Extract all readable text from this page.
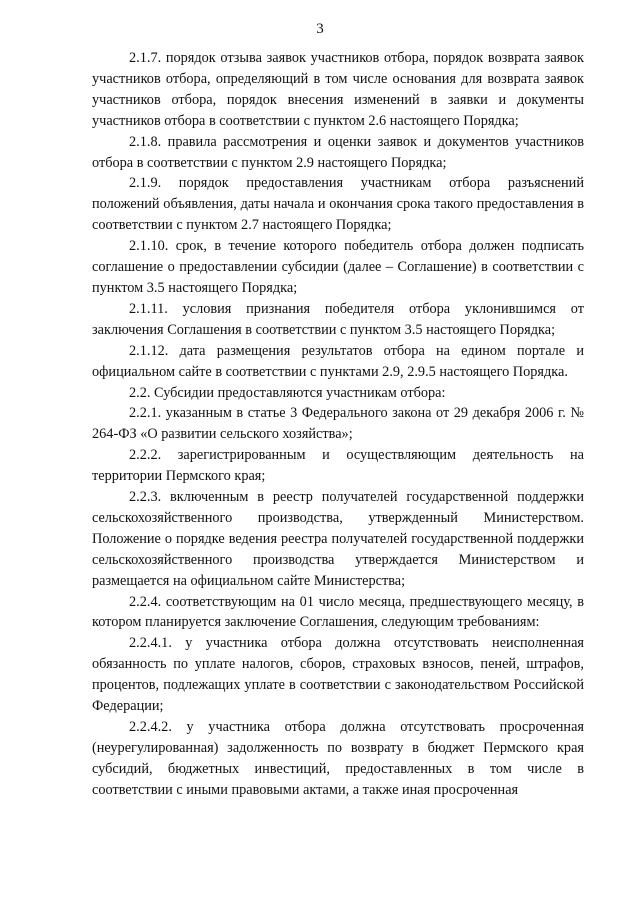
3

2.1.7. порядок отзыва заявок участников отбора, порядок возврата заявок участников отбора, определяющий в том числе основания для возврата заявок участников отбора, порядок внесения изменений в заявки и документы участников отбора в соответствии с пунктом 2.6 настоящего Порядка;

2.1.8. правила рассмотрения и оценки заявок и документов участников отбора в соответствии с пунктом 2.9 настоящего Порядка;

2.1.9. порядок предоставления участникам отбора разъяснений положений объявления, даты начала и окончания срока такого предоставления в соответствии с пунктом 2.7 настоящего Порядка;

2.1.10. срок, в течение которого победитель отбора должен подписать соглашение о предоставлении субсидии (далее – Соглашение) в соответствии с пунктом 3.5 настоящего Порядка;

2.1.11. условия признания победителя отбора уклонившимся от заключения Соглашения в соответствии с пунктом 3.5 настоящего Порядка;

2.1.12. дата размещения результатов отбора на едином портале и официальном сайте в соответствии с пунктами 2.9, 2.9.5 настоящего Порядка.

2.2. Субсидии предоставляются участникам отбора:

2.2.1. указанным в статье 3 Федерального закона от 29 декабря 2006 г. № 264-ФЗ «О развитии сельского хозяйства»;

2.2.2. зарегистрированным и осуществляющим деятельность на территории Пермского края;

2.2.3. включенным в реестр получателей государственной поддержки сельскохозяйственного производства, утвержденный Министерством. Положение о порядке ведения реестра получателей государственной поддержки сельскохозяйственного производства утверждается Министерством и размещается на официальном сайте Министерства;

2.2.4. соответствующим на 01 число месяца, предшествующего месяцу, в котором планируется заключение Соглашения, следующим требованиям:

2.2.4.1. у участника отбора должна отсутствовать неисполненная обязанность по уплате налогов, сборов, страховых взносов, пеней, штрафов, процентов, подлежащих уплате в соответствии с законодательством Российской Федерации;

2.2.4.2. у участника отбора должна отсутствовать просроченная (неурегулированная) задолженность по возврату в бюджет Пермского края субсидий, бюджетных инвестиций, предоставленных в том числе в соответствии с иными правовыми актами, а также иная просроченная
